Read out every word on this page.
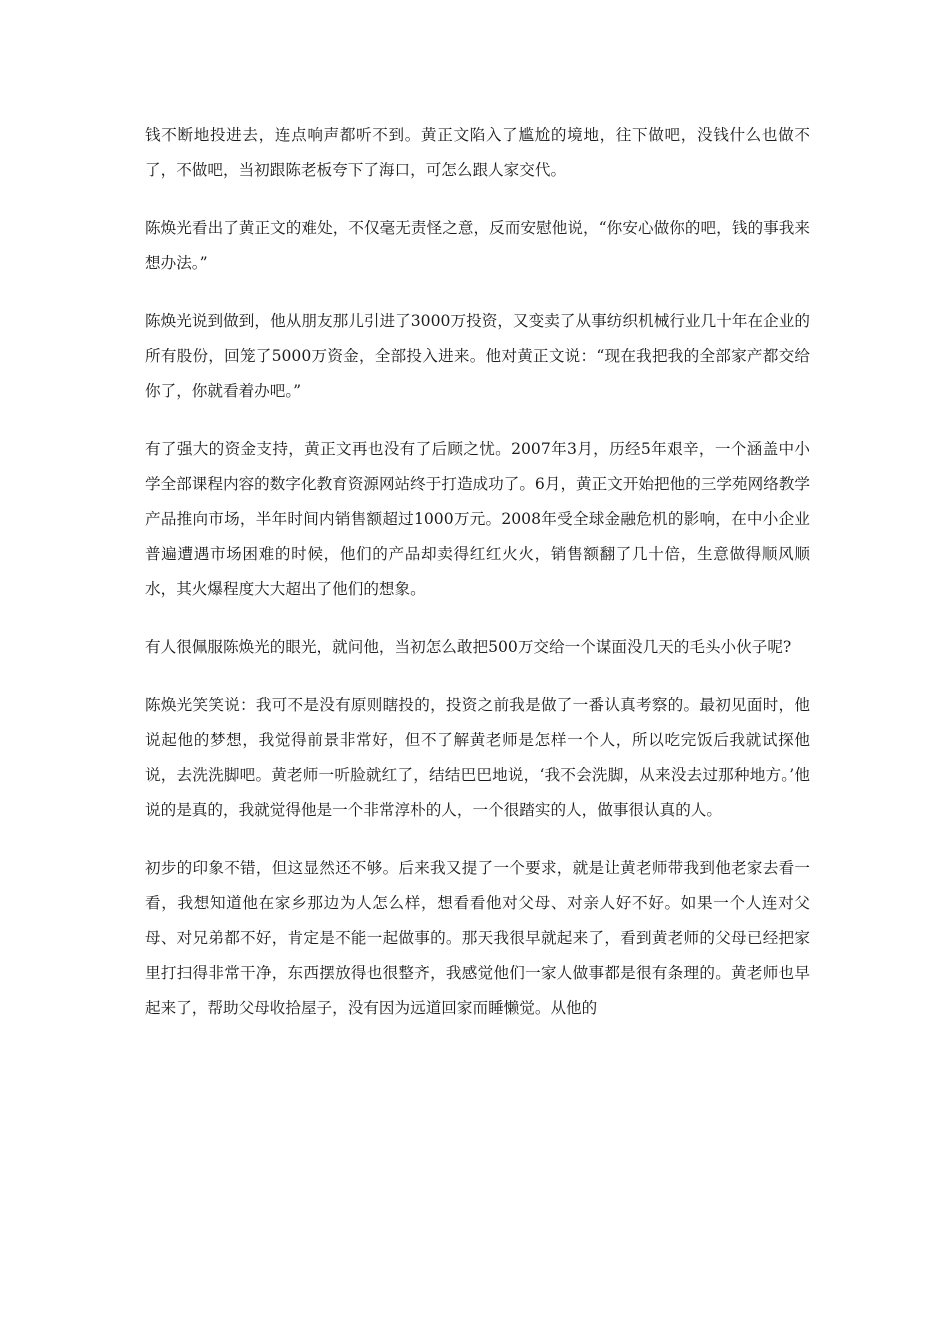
钱不断地投进去，连点响声都听不到。黄正文陷入了尴尬的境地，往下做吧，没钱什么也做不了，不做吧，当初跟陈老板夸下了海口，可怎么跟人家交代。

陈焕光看出了黄正文的难处，不仅毫无责怪之意，反而安慰他说，“你安心做你的吧，钱的事我来想办法。”

陈焕光说到做到，他从朋友那儿引进了3000万投资，又变卖了从事纺织机械行业几十年在企业的所有股份，回笼了5000万资金，全部投入进来。他对黄正文说：“现在我把我的全部家产都交给你了，你就看着办吧。”

有了强大的资金支持，黄正文再也没有了后顾之忧。2007年3月，历经5年艰辛，一个涵盖中小学全部课程内容的数字化教育资源网站终于打造成功了。6月，黄正文开始把他的三学苑网络教学产品推向市场，半年时间内销售额超过1000万元。2008年受全球金融危机的影响，在中小企业普遍遭遇市场困难的时候，他们的产品却卖得红红火火，销售额翻了几十倍，生意做得顺风顺水，其火爆程度大大超出了他们的想象。

有人很佩服陈焕光的眼光，就问他，当初怎么敢把500万交给一个谋面没几天的毛头小伙子呢?

陈焕光笑笑说：我可不是没有原则瞎投的，投资之前我是做了一番认真考察的。最初见面时，他说起他的梦想，我觉得前景非常好，但不了解黄老师是怎样一个人，所以吃完饭后我就试探他说，去洗洗脚吧。黄老师一听脸就红了，结结巴巴地说，‘我不会洗脚，从来没去过那种地方。’他说的是真的，我就觉得他是一个非常淳朴的人，一个很踏实的人，做事很认真的人。

初步的印象不错，但这显然还不够。后来我又提了一个要求，就是让黄老师带我到他老家去看一看，我想知道他在家乡那边为人怎么样，想看看他对父母、对亲人好不好。如果一个人连对父母、对兄弟都不好，肯定是不能一起做事的。那天我很早就起来了，看到黄老师的父母已经把家里打扫得非常干净，东西摆放得也很整齐，我感觉他们一家人做事都是很有条理的。黄老师也早起来了，帮助父母收拾屋子，没有因为远道回家而睡懒觉。从他的
